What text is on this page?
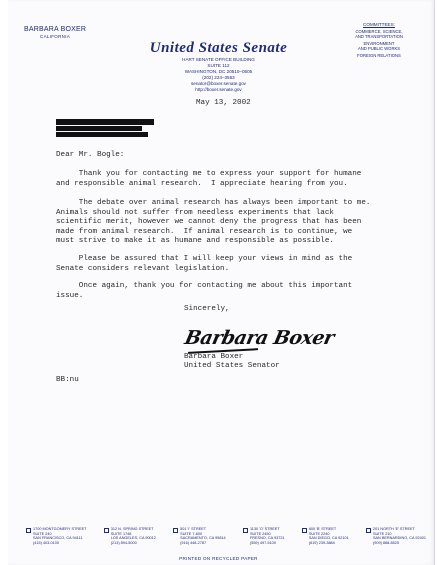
BARBARA BOXER
CALIFORNIA
United States Senate
HART SENATE OFFICE BUILDING
SUITE 112
WASHINGTON, DC 20510–0505
(202) 224–3553
senator@boxer.senate.gov
http://boxer.senate.gov
COMMITTEES:
COMMERCE, SCIENCE,
AND TRANSPORTATION
ENVIRONMENT
AND PUBLIC WORKS
FOREIGN RELATIONS
May 13, 2002
Dear Mr. Bogle:
Thank you for contacting me to express your support for humane
and responsible animal research.  I appreciate hearing from you.
The debate over animal research has always been important to me.
Animals should not suffer from needless experiments that lack
scientific merit, however we cannot deny the progress that has been
made from animal research.  If animal research is to continue, we
must strive to make it as humane and responsible as possible.
Please be assured that I will keep your views in mind as the
Senate considers relevant legislation.
Once again, thank you for contacting me about this important
issue.
Sincerely,
Barbara Boxer
Barbara Boxer
United States Senator
BB:nu
1700 MONTGOMERY STREET
SUITE 240
SAN FRANCISCO, CA 94111
(415) 403-0100
312 N. SPRING STREET
SUITE 1748
LOS ANGELES, CA 90012
(213) 894-5000
501 'I' STREET
SUITE 7-600
SACRAMENTO, CA 95814
(916) 448-2787
1130 'O' STREET
SUITE 2450
FRESNO, CA 93721
(559) 497-5109
600 'B' STREET
SUITE 2240
SAN DIEGO, CA 92101
(619) 239-3884
201 NORTH 'E' STREET
SUITE 210
SAN BERNARDINO, CA 92401
(909) 888-8525
PRINTED ON RECYCLED PAPER
